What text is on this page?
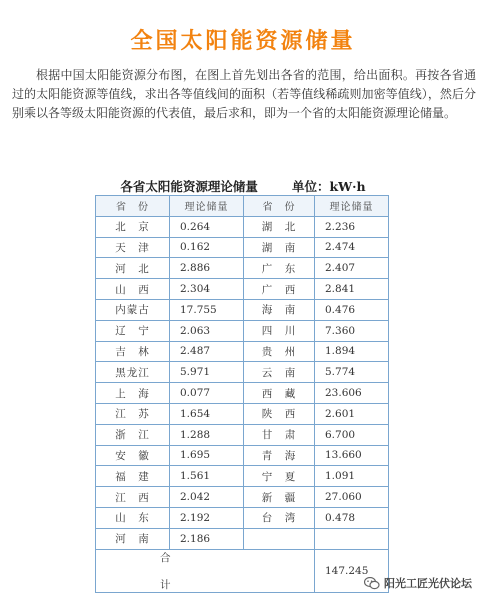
全国太阳能资源储量
根据中国太阳能资源分布图，在图上首先划出各省的范围，给出面积。再按各省通过的太阳能资源等值线，求出各等值线间的面积（若等值线稀疏则加密等值线），然后分别乘以各等级太阳能资源的代表值，最后求和，即为一个省的太阳能资源理论储量。
各省太阳能资源理论储量	单位：kW·h
省　份	理论储量	省　份	理论储量
北　京	0.264	湖　北	2.236
天　津	0.162	湖　南	2.474
河　北	2.886	广　东	2.407
山　西	2.304	广　西	2.841
内蒙古	17.755	海　南	0.476
辽　宁	2.063	四　川	7.360
吉　林	2.487	贵　州	1.894
黑龙江	5.971	云　南	5.774
上　海	0.077	西　藏	23.606
江　苏	1.654	陕　西	2.601
浙　江	1.288	甘　肃	6.700
安　徽	1.695	青　海	13.660
福　建	1.561	宁　夏	1.091
江　西	2.042	新　疆	27.060
山　东	2.192	台　湾	0.478
河　南	2.186		
合计			147.245
阳光工匠光伏论坛
